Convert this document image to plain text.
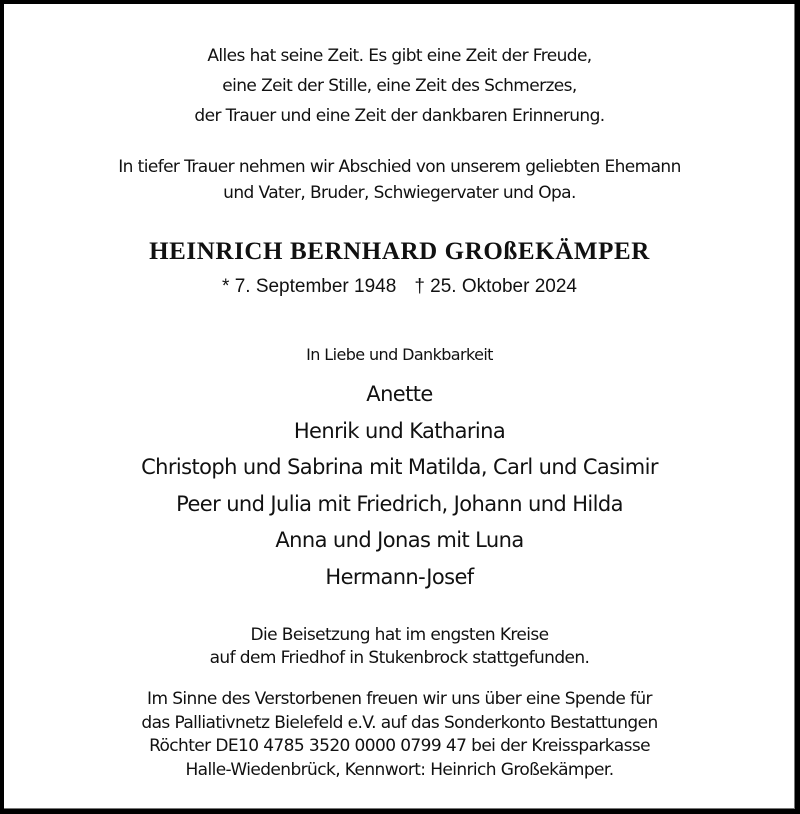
Alles hat seine Zeit. Es gibt eine Zeit der Freude,
eine Zeit der Stille, eine Zeit des Schmerzes,
der Trauer und eine Zeit der dankbaren Erinnerung.
In tiefer Trauer nehmen wir Abschied von unserem geliebten Ehemann
und Vater, Bruder, Schwiegervater und Opa.
HEINRICH BERNHARD GROßEKÄMPER
* 7. September 1948 † 25. Oktober 2024
In Liebe und Dankbarkeit
Anette
Henrik und Katharina
Christoph und Sabrina mit Matilda, Carl und Casimir
Peer und Julia mit Friedrich, Johann und Hilda
Anna und Jonas mit Luna
Hermann-Josef
Die Beisetzung hat im engsten Kreise
auf dem Friedhof in Stukenbrock stattgefunden.
Im Sinne des Verstorbenen freuen wir uns über eine Spende für
das Palliativnetz Bielefeld e.V. auf das Sonderkonto Bestattungen
Röchter DE10 4785 3520 0000 0799 47 bei der Kreissparkasse
Halle-Wiedenbrück, Kennwort: Heinrich Großekämper.
